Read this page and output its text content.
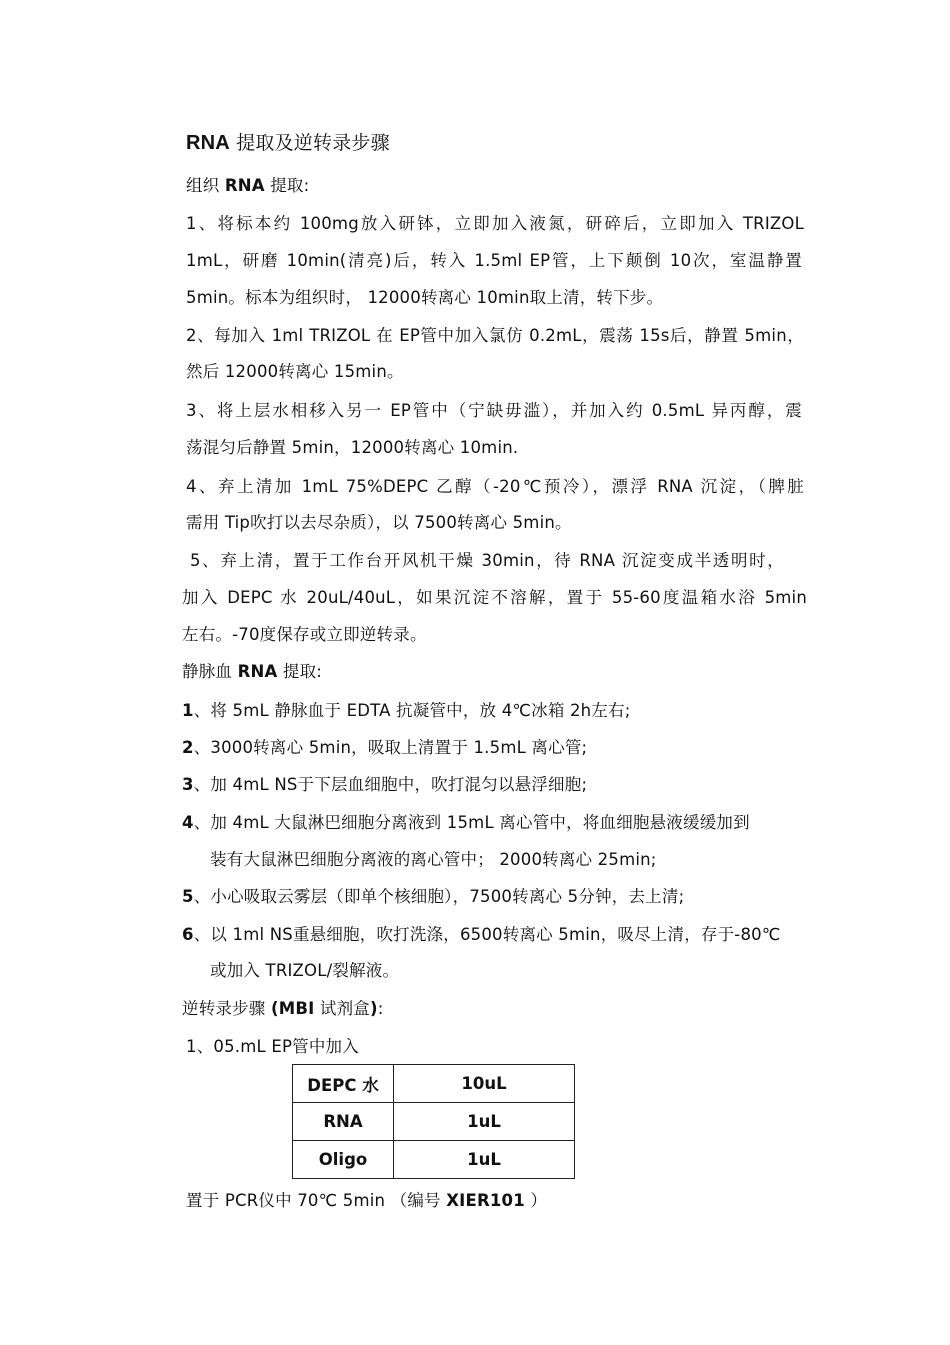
RNA 提取及逆转录步骤
组织 RNA 提取:
1、将标本约 100mg放入研钵，立即加入液氮，研碎后，立即加入 TRIZOL
1mL，研磨 10min(清亮)后，转入 1.5ml EP管，上下颠倒 10次，室温静置
5min。标本为组织时， 12000转离心 10min取上清，转下步。
2、每加入 1ml TRIZOL 在 EP管中加入氯仿 0.2mL，震荡 15s后，静置 5min，
然后 12000转离心 15min。
3、将上层水相移入另一 EP管中（宁缺毋滥），并加入约 0.5mL 异丙醇，震
荡混匀后静置 5min，12000转离心 10min.
4、弃上清加 1mL 75%DEPC 乙醇（-20℃预冷），漂浮 RNA 沉淀，（脾脏
需用 Tip吹打以去尽杂质），以 7500转离心 5min。
5、弃上清，置于工作台开风机干燥 30min，待 RNA 沉淀变成半透明时，
加入 DEPC 水 20uL/40uL，如果沉淀不溶解，置于 55-60度温箱水浴 5min
左右。-70度保存或立即逆转录。
静脉血 RNA 提取:
1、将 5mL 静脉血于 EDTA 抗凝管中，放 4℃冰箱 2h左右;
2、3000转离心 5min，吸取上清置于 1.5mL 离心管;
3、加 4mL NS于下层血细胞中，吹打混匀以悬浮细胞;
4、加 4mL 大鼠淋巴细胞分离液到 15mL 离心管中，将血细胞悬液缓缓加到
装有大鼠淋巴细胞分离液的离心管中； 2000转离心 25min;
5、小心吸取云雾层（即单个核细胞），7500转离心 5分钟，去上清;
6、以 1ml NS重悬细胞，吹打洗涤，6500转离心 5min，吸尽上清，存于-80℃
或加入 TRIZOL/裂解液。
逆转录步骤 (MBI 试剂盒):
1、05.mL EP管中加入
DEPC 水	10uL
RNA	1uL
Oligo	1uL
置于 PCR仪中 70℃ 5min （编号 XIER101 ）
